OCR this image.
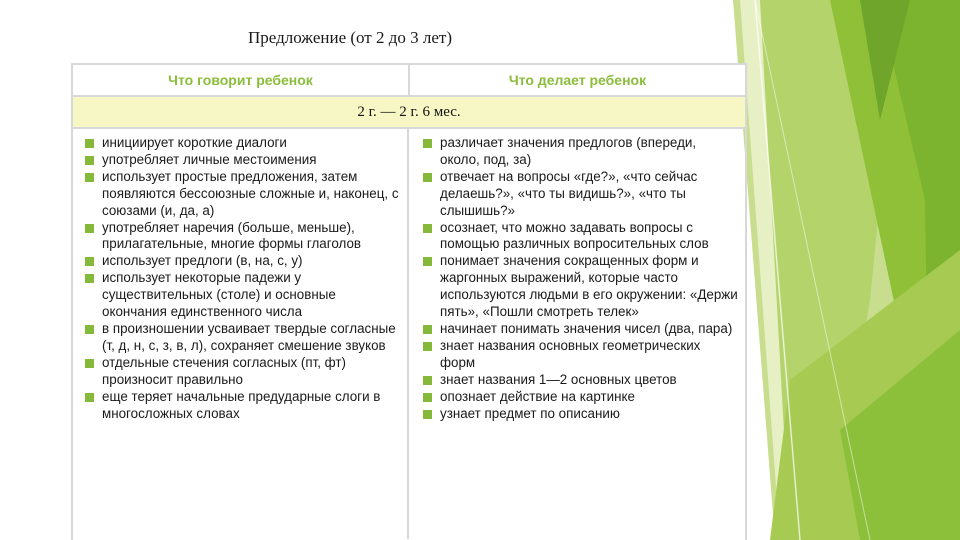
Предложение (от 2 до 3 лет)
Что говорит ребенок	Что делает ребенок
2 г. — 2 г. 6 мес.
инициирует короткие диалоги
употребляет личные местоимения
использует простые предложения, затем появляются бессоюзные сложные и, наконец, с союзами (и, да, а)
употребляет наречия (больше, меньше), прилагательные, многие формы глаголов
использует предлоги (в, на, с, у)
использует некоторые падежи у существительных (столе) и основные окончания единственного числа
в произношении усваивает твердые согласные (т, д, н, с, з, в, л), сохраняет смешение звуков
отдельные стечения согласных (пт, фт) произносит правильно
еще теряет начальные предударные слоги в многосложных словах
различает значения предлогов (впереди, около, под, за)
отвечает на вопросы «где?», «что сейчас делаешь?», «что ты видишь?», «что ты слышишь?»
осознает, что можно задавать вопросы с помощью различных вопросительных слов
понимает значения сокращенных форм и жаргонных выражений, которые часто используются людьми в его окружении: «Держи пять», «Пошли смотреть телек»
начинает понимать значения чисел (два, пара)
знает названия основных геометрических форм
знает названия 1—2 основных цветов
опознает действие на картинке
узнает предмет по описанию
